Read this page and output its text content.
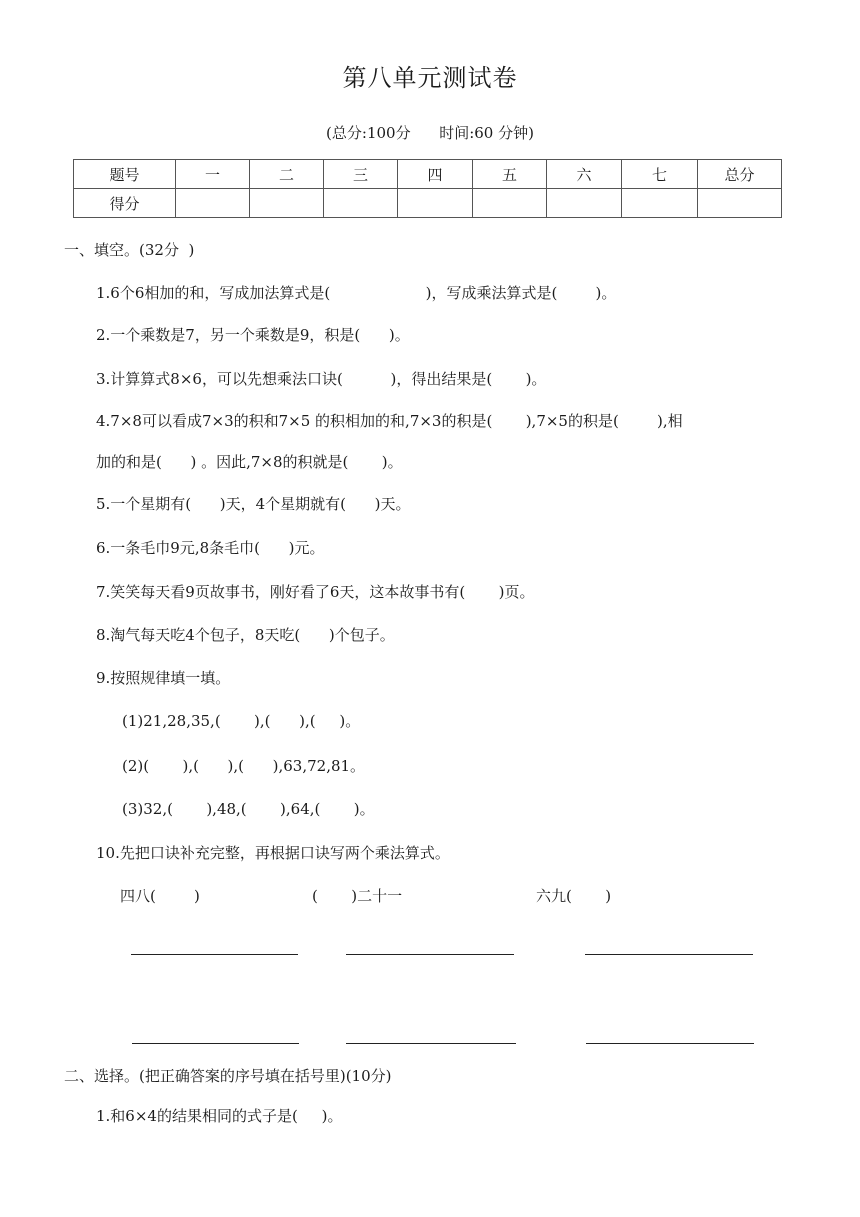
第八单元测试卷
(总分:100分      时间:60 分钟)
题号	一	二	三	四	五	六	七	总分
得分								
一、填空。(32分  )
1.6个6相加的和，写成加法算式是(                    )，写成乘法算式是(        )。
2.一个乘数是7，另一个乘数是9，积是(      )。
3.计算算式8×6，可以先想乘法口诀(          )，得出结果是(       )。
4.7×8可以看成7×3的积和7×5 的积相加的和,7×3的积是(       ),7×5的积是(        ),相
加的和是(      ) 。因此,7×8的积就是(       )。
5.一个星期有(      )天，4个星期就有(      )天。
6.一条毛巾9元,8条毛巾(      )元。
7.笑笑每天看9页故事书，刚好看了6天，这本故事书有(       )页。
8.淘气每天吃4个包子，8天吃(      )个包子。
9.按照规律填一填。
(1)21,28,35,(       ),(      ),(     )。
(2)(       ),(      ),(      ),63,72,81。
(3)32,(       ),48,(       ),64,(       )。
10.先把口诀补充完整，再根据口诀写两个乘法算式。
四八(        )	(       )二十一	六九(       )
二、选择。(把正确答案的序号填在括号里)(10分)
1.和6×4的结果相同的式子是(     )。
